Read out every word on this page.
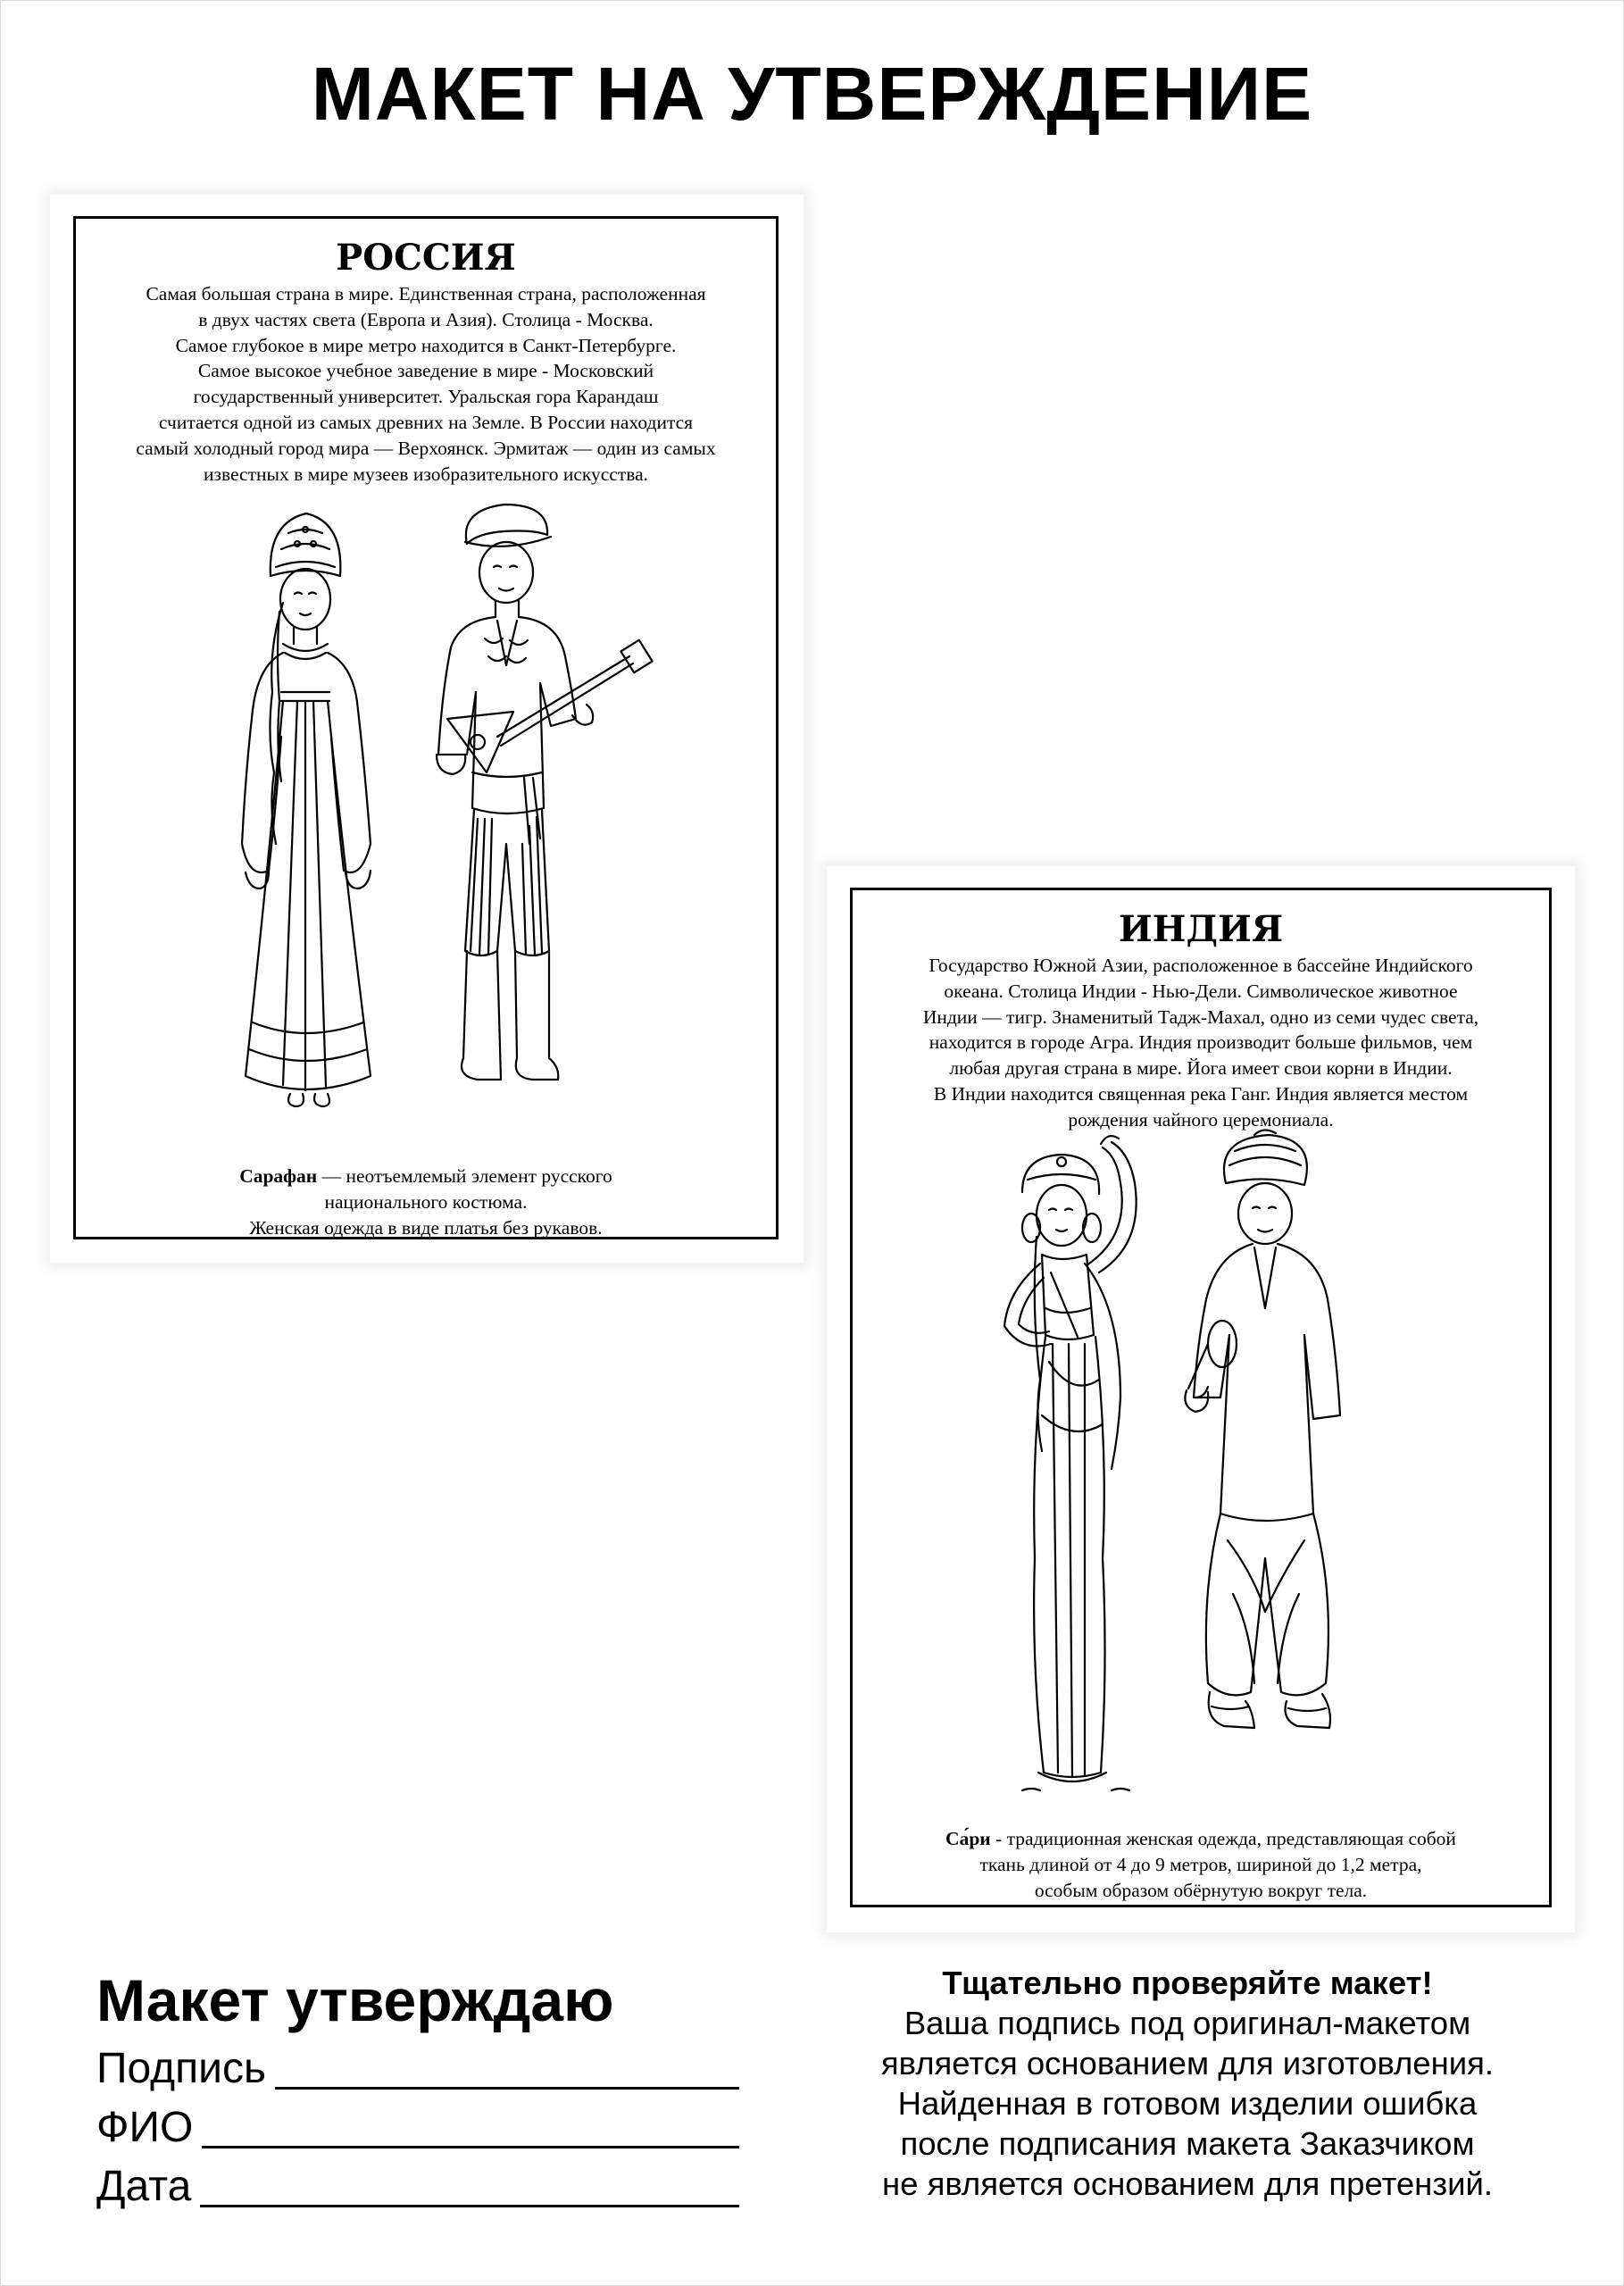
МАКЕТ НА УТВЕРЖДЕНИЕ
РОССИЯ
Самая большая страна в мире. Единственная страна, расположенная
в двух частях света (Европа и Азия). Столица - Москва.
Самое глубокое в мире метро находится в Санкт-Петербурге.
Самое высокое учебное заведение в мире - Московский
государственный университет. Уральская гора Карандаш
считается одной из самых древних на Земле. В России находится
самый холодный город мира — Верхоянск. Эрмитаж — один из самых
известных в мире музеев изобразительного искусства.
Сарафан — неотъемлемый элемент русского
национального костюма.
Женская одежда в виде платья без рукавов.
ИНДИЯ
Государство Южной Азии, расположенное в бассейне Индийского
океана. Столица Индии - Нью-Дели. Символическое животное
Индии — тигр. Знаменитый Тадж-Махал, одно из семи чудес света,
находится в городе Агра. Индия производит больше фильмов, чем
любая другая страна в мире. Йога имеет свои корни в Индии.
В Индии находится священная река Ганг. Индия является местом
рождения чайного церемониала.
Са́ри - традиционная женская одежда, представляющая собой
ткань длиной от 4 до 9 метров, шириной до 1,2 метра,
особым образом обёрнутую вокруг тела.
Макет утверждаю
Подпись
ФИО
Дата
Тщательно проверяйте макет!
Ваша подпись под оригинал-макетом
является основанием для изготовления.
Найденная в готовом изделии ошибка
после подписания макета Заказчиком
не является основанием для претензий.
